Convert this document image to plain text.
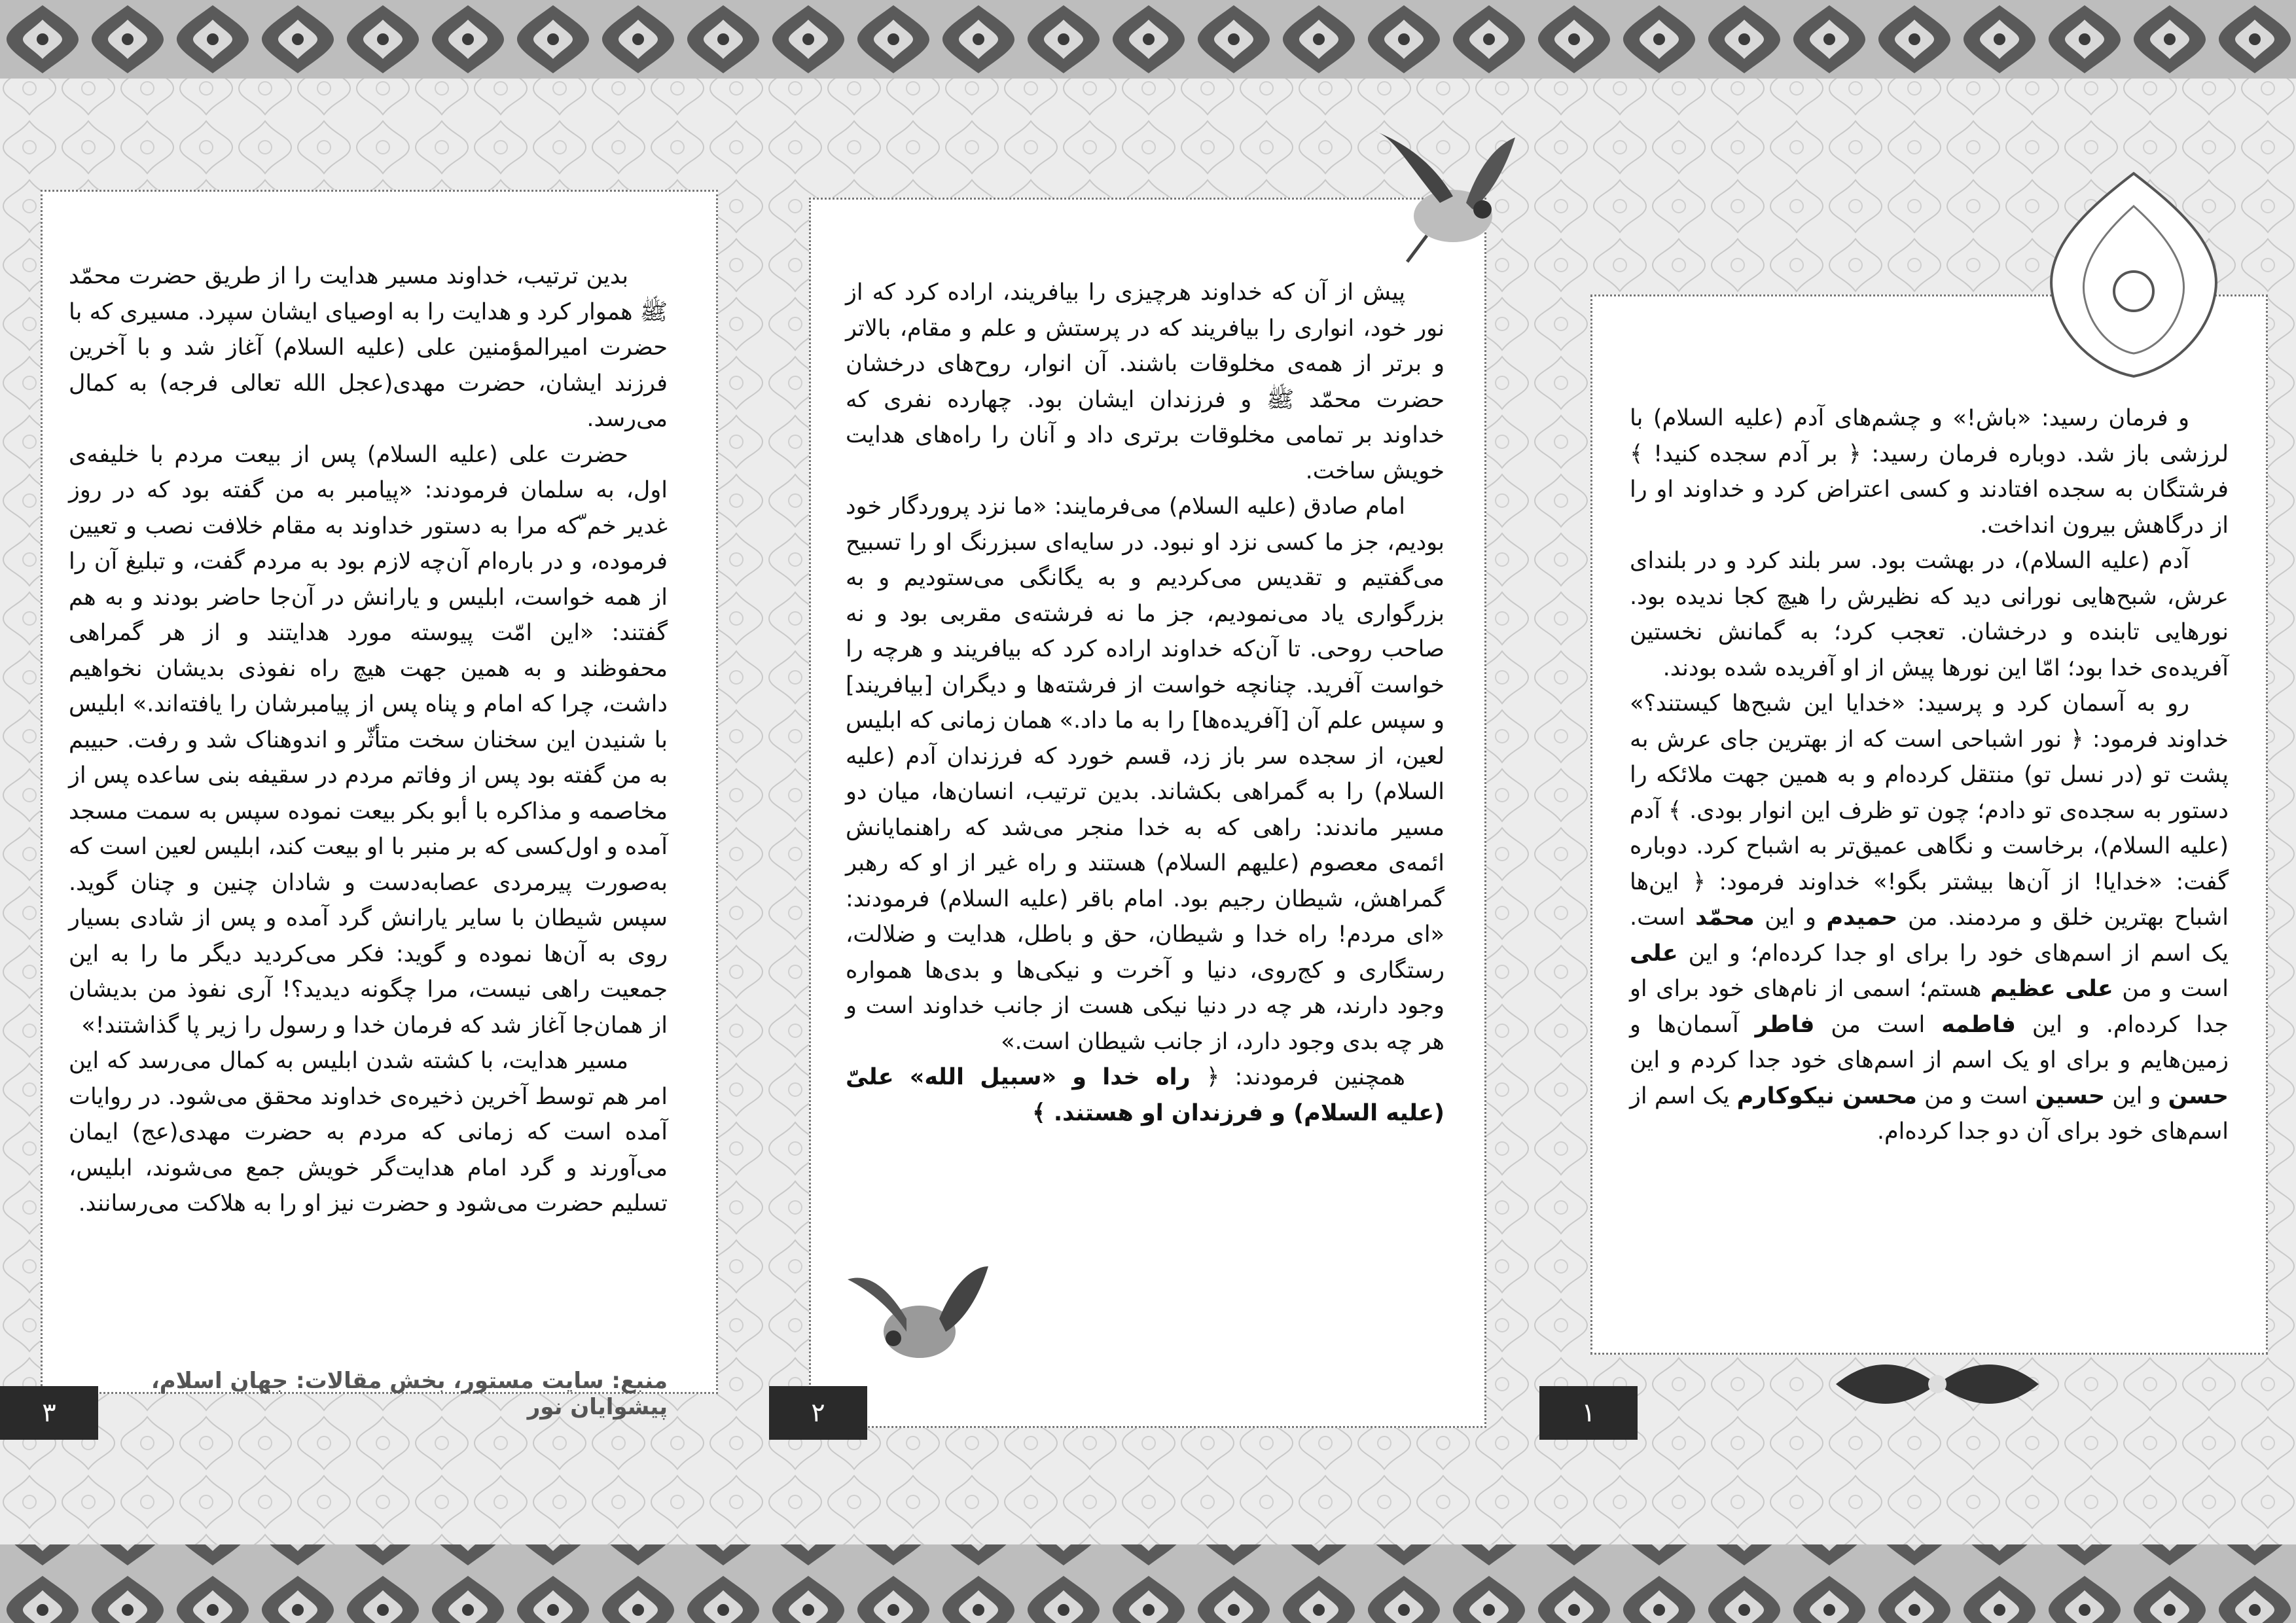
بدین ترتیب، خداوند مسیر هدایت را از طریق حضرت محمّد ﷺ هموار کرد و هدایت را به اوصیای ایشان سپرد. مسیری که با حضرت امیرالمؤمنین علی (علیه السلام) آغاز شد و با آخرین فرزند ایشان، حضرت مهدی(عجل الله تعالی فرجه) به کمال می‌رسد.

حضرت علی (علیه السلام) پس از بیعت مردم با خلیفه‌ی اول، به سلمان فرمودند: «پیامبر به من گفته بود که در روز غدیر خم ّکه مرا به دستور خداوند به مقام خلافت نصب و تعیین فرموده، و در باره‌ام آن‌چه لازم بود به مردم گفت، و تبلیغ آن را از همه خواست، ابلیس و یارانش در آن‌جا حاضر بودند و به هم گفتند: «این امّت پیوسته مورد هدایتند و از هر گمراهی محفوظند و به همین جهت هیچ راه نفوذی بدیشان نخواهیم داشت، چرا که امام و پناه پس از پیامبرشان را یافته‌اند.» ابلیس با شنیدن این سخنان سخت متأثّر و اندوهناک شد و رفت. حبیبم به من گفته بود پس از وفاتم مردم در سقیفه بنی ساعده پس از مخاصمه و مذاکره با أبو بکر بیعت نموده سپس به سمت مسجد آمده و اول‌کسی که بر منبر با او بیعت کند، ابلیس لعین است که به‌صورت پیرمردی عصابه‌دست و شادان چنین و چنان گوید. سپس شیطان با سایر یارانش گرد آمده و پس از شادی بسیار روی به آن‌ها نموده و گوید: فکر می‌کردید دیگر ما را به این جمعیت راهی نیست، مرا چگونه دیدید؟! آری نفوذ من بدیشان از همان‌جا آغاز شد که فرمان خدا و رسول را زیر پا گذاشتند!»

مسیر هدایت، با کشته شدن ابلیس به کمال می‌رسد که این امر هم توسط آخرین ذخیره‌ی خداوند محقق می‌شود. در روایات آمده است که زمانی که مردم به حضرت مهدی(عج) ایمان می‌آورند و گرد امام هدایت‌گر خویش جمع می‌شوند، ابلیس، تسلیم حضرت می‌شود و حضرت نیز او را به هلاکت می‌رسانند.

منبع: سایت مستور، بخش مقالات: جهان اسلام، پیشوایان نور
۳

پیش از آن که خداوند هرچیزی را بیافریند، اراده کرد که از نور خود، انواری را بیافریند که در پرستش و علم و مقام، بالاتر و برتر از همه‌ی مخلوقات باشند. آن انوار، روح‌های درخشان حضرت محمّد ﷺ و فرزندان ایشان بود. چهارده نفری که خداوند بر تمامی مخلوقات برتری داد و آنان را راه‌های هدایت خویش ساخت.

امام صادق (علیه السلام) می‌فرمایند: «ما نزد پروردگار خود بودیم، جز ما کسی نزد او نبود. در سایه‌ای سبزرنگ او را تسبیح می‌گفتیم و تقدیس می‌کردیم و به یگانگی می‌ستودیم و به بزرگواری یاد می‌نمودیم، جز ما نه فرشته‌ی مقربی بود و نه صاحب روحی. تا آن‌که خداوند اراده کرد که بیافریند و هرچه را خواست آفرید. چنانچه خواست از فرشته‌ها و دیگران [بیافریند] و سپس علم آن [آفریده‌ها] را به ما داد.» همان زمانی که ابلیس لعین، از سجده سر باز زد، قسم خورد که فرزندان آدم (علیه السلام) را به گمراهی بکشاند. بدین ترتیب، انسان‌ها، میان دو مسیر ماندند: راهی که به خدا منجر می‌شد که راهنمایانش ائمه‌ی معصوم (علیهم السلام) هستند و راه غیر از او که رهبر گمراهش، شیطان رجیم بود. امام باقر (علیه السلام) فرمودند: «ای مردم! راه خدا و شیطان، حق و باطل، هدایت و ضلالت، رستگاری و کج‌روی، دنیا و آخرت و نیکی‌ها و بدی‌ها همواره وجود دارند، هر چه در دنیا نیکی هست از جانب خداوند است و هر چه بدی وجود دارد، از جانب شیطان است.»

همچنین فرمودند: ﴿ راه خدا و «سبیل الله» علیّ (علیه السلام) و فرزندان او هستند. ﴾

۲

و فرمان رسید: «باش!» و چشم‌های آدم (علیه السلام) با لرزشی باز شد. دوباره فرمان رسید: ﴿ بر آدم سجده کنید! ﴾ فرشتگان به سجده افتادند و کسی اعتراض کرد و خداوند او را از درگاهش بیرون انداخت.

آدم (علیه السلام)، در بهشت بود. سر بلند کرد و در بلندای عرش، شبح‌هایی نورانی دید که نظیرش را هیچ کجا ندیده بود. نورهایی تابنده و درخشان. تعجب کرد؛ به گمانش نخستین آفریده‌ی خدا بود؛ امّا این نورها پیش از او آفریده شده بودند.

رو به آسمان کرد و پرسید: «خدایا این شبح‌ها کیستند؟» خداوند فرمود: ﴿ نور اشباحی است که از بهترین جای عرش به پشت تو (در نسل تو) منتقل کرده‌ام و به همین جهت ملائکه را دستور به سجده‌ی تو دادم؛ چون تو ظرف این انوار بودی. ﴾ آدم (علیه السلام)، برخاست و نگاهی عمیق‌تر به اشباح کرد. دوباره گفت: «خدایا! از آن‌ها بیشتر بگو!» خداوند فرمود: ﴿ این‌ها اشباح بهترین خلق و مردمند. من حمیدم و این محمّد است. یک اسم از اسم‌های خود را برای او جدا کرده‌ام؛ و این علی است و من علی عظیم هستم؛ اسمی از نام‌های خود برای او جدا کرده‌ام. و این فاطمه است من فاطر آسمان‌ها و زمین‌هایم و برای او یک اسم از اسم‌های خود جدا کردم و این حسن و این حسین است و من محسن نیکوکارم یک اسم از اسم‌های خود برای آن دو جدا کرده‌ام.

۱
